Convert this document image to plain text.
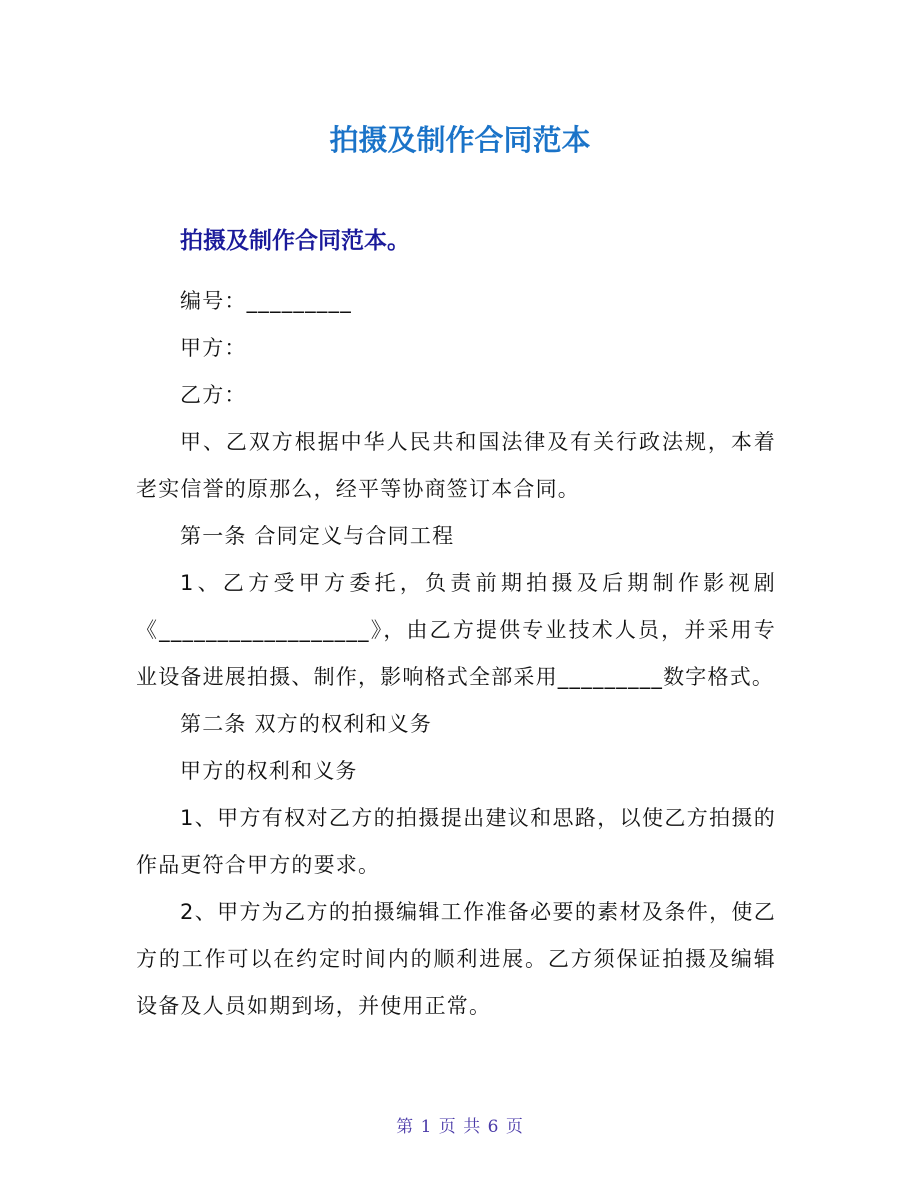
拍摄及制作合同范本
拍摄及制作合同范本。

编号：_________

甲方：

乙方：

甲、乙双方根据中华人民共和国法律及有关行政法规，本着老实信誉的原那么，经平等协商签订本合同。

第一条 合同定义与合同工程

1、乙方受甲方委托，负责前期拍摄及后期制作影视剧《__________________》，由乙方提供专业技术人员，并采用专业设备进展拍摄、制作，影响格式全部采用_________数字格式。

第二条 双方的权利和义务

甲方的权利和义务

1、甲方有权对乙方的拍摄提出建议和思路，以使乙方拍摄的作品更符合甲方的要求。

2、甲方为乙方的拍摄编辑工作准备必要的素材及条件，使乙方的工作可以在约定时间内的顺利进展。乙方须保证拍摄及编辑设备及人员如期到场，并使用正常。

第 1 页 共 6 页
